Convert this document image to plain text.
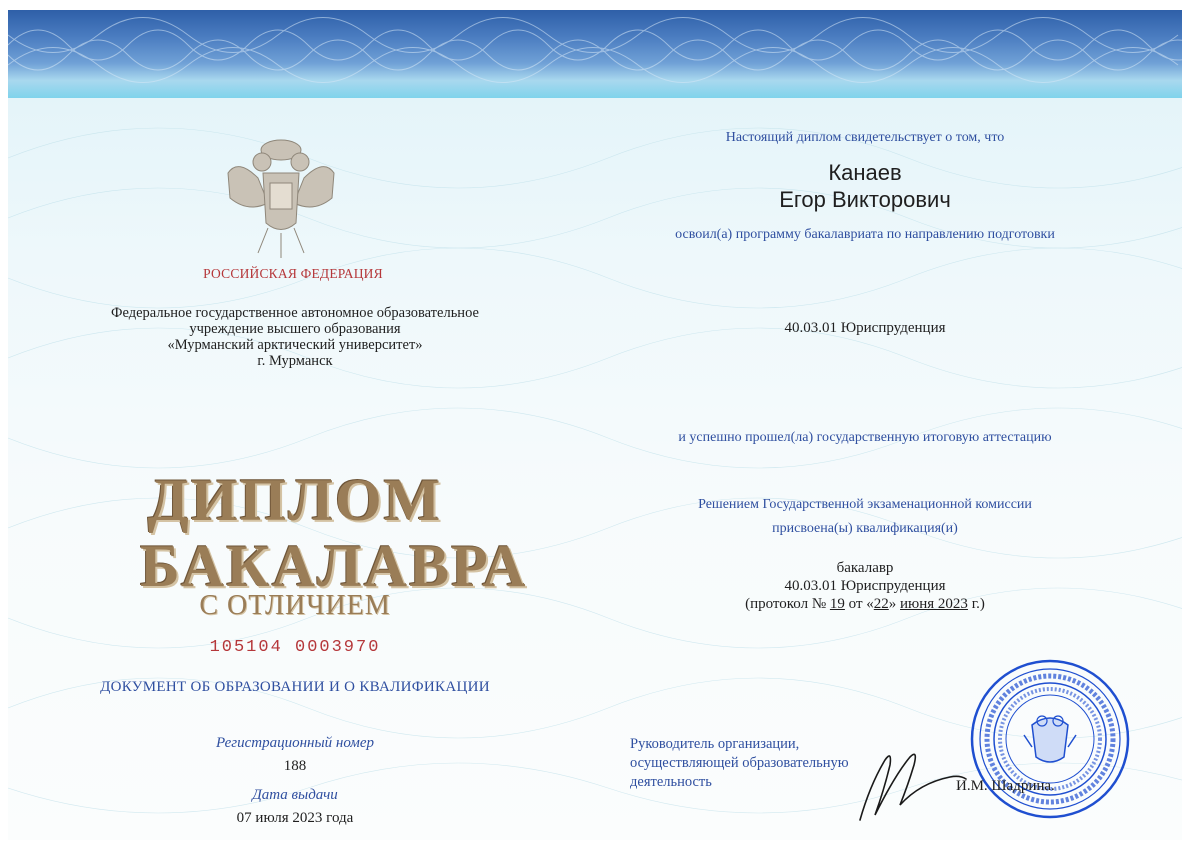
РОССИЙСКАЯ ФЕДЕРАЦИЯ
Федеральное государственное автономное образовательное
учреждение высшего образования
«Мурманский арктический университет»
г. Мурманск
ДИПЛОМ
БАКАЛАВРА
С ОТЛИЧИЕМ
105104 0003970
ДОКУМЕНТ ОБ ОБРАЗОВАНИИ И О КВАЛИФИКАЦИИ
Регистрационный номер
188
Дата выдачи
07 июля 2023 года
Настоящий диплом свидетельствует о том, что
Канаев
Егор Викторович
освоил(а) программу бакалавриата по направлению подготовки
40.03.01 Юриспруденция
и успешно прошел(ла) государственную итоговую аттестацию
Решением Государственной экзаменационной комиссии
присвоена(ы) квалификация(и)
бакалавр
40.03.01 Юриспруденция
(протокол № 19 от «22» июня 2023 г.)
Руководитель организации,
осуществляющей образовательную
деятельность	И.М. Шадрина.
